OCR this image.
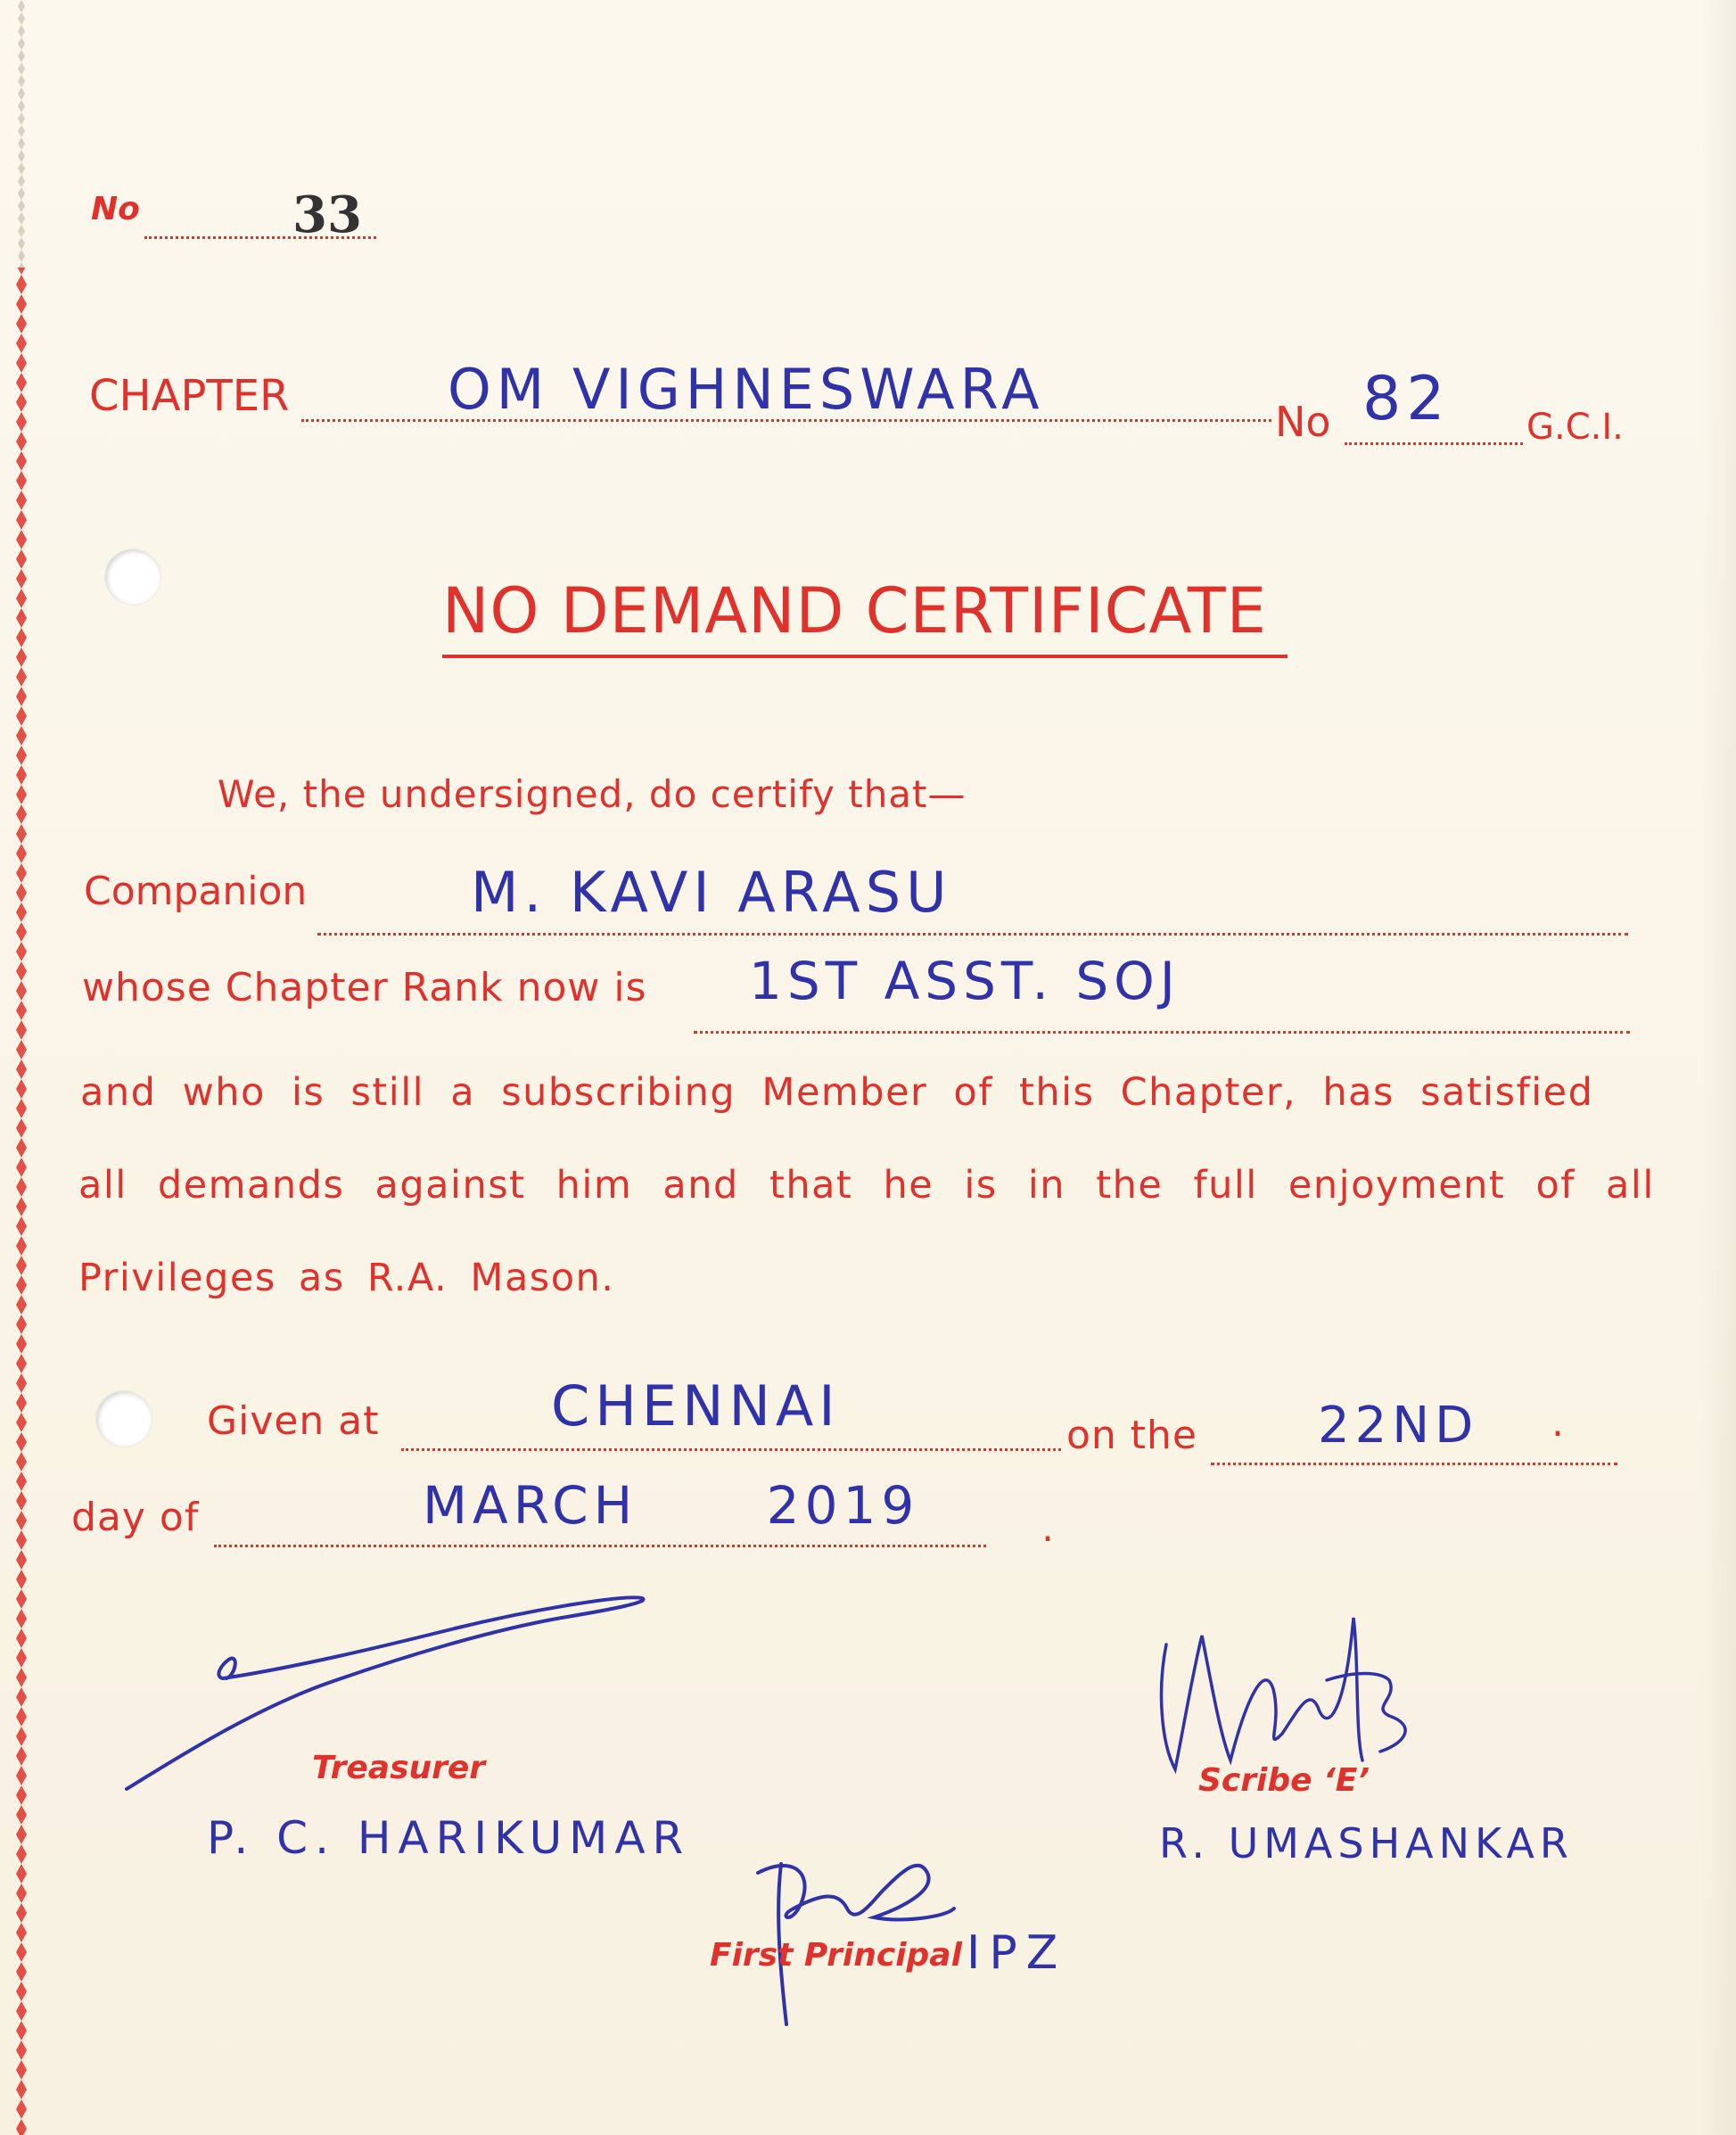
No	33
CHAPTER	OM VIGHNESWARA	No 82 G.C.I.
NO DEMAND CERTIFICATE
We, the undersigned, do certify that—
Companion	M. KAVI ARASU
whose Chapter Rank now is 1ST ASST. SOJ
and who is still a subscribing Member of this Chapter, has satisfied
all demands against him and that he is in the full enjoyment of all
Privileges as R.A. Mason.
Given at	CHENNAI	on the 22ND .
day of	MARCH 2019	.
Treasurer
P. C. HARIKUMAR
First Principal IPZ
Scribe ‘E’
R. UMASHANKAR
